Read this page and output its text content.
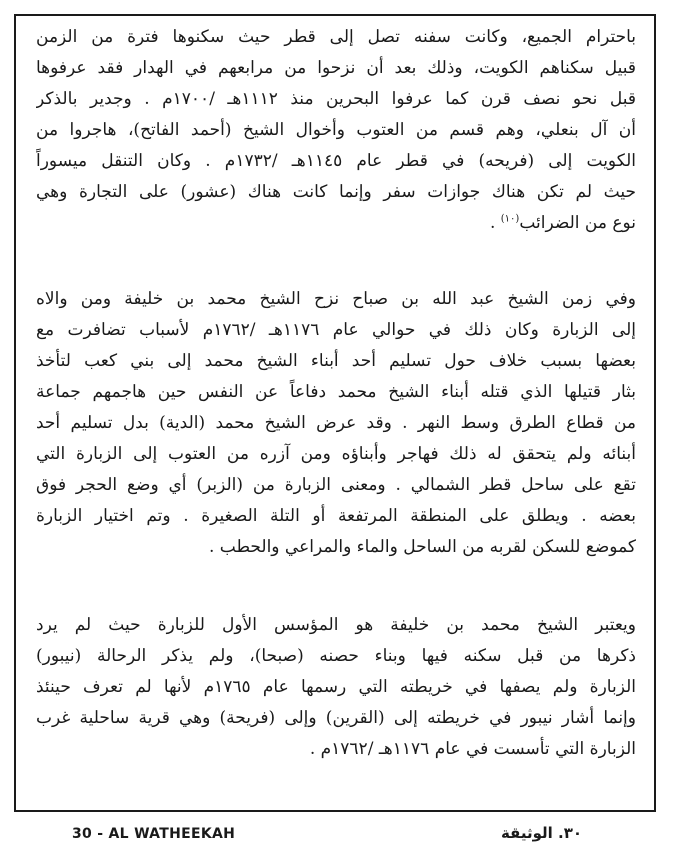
باحترام الجميع، وكانت سفنه تصل إلى قطر حيث سكنوها فترة من الزمن
قبيل سكناهم الكويت، وذلك بعد أن نزحوا من مرابعهم في الهدار فقد عرفوها
قبل نحو نصف قرن كما عرفوا البحرين منذ ١١١٢هـ /١٧٠٠م . وجدير بالذكر
أن آل بنعلي، وهم قسم من العتوب وأخوال الشيخ (أحمد الفاتح)، هاجروا من
الكويت إلى (فريحه) في قطر عام ١١٤٥هـ /١٧٣٢م . وكان التنقل ميسوراً
حيث لم تكن هناك جوازات سفر وإنما كانت هناك (عشور) على التجارة وهي
نوع من الضرائب$^{(١٠)}$ .
وفي زمن الشيخ عبد الله بن صباح نزح الشيخ محمد بن خليفة ومن والاه
إلى الزبارة وكان ذلك في حوالي عام ١١٧٦هـ /١٧٦٢م لأسباب تضافرت مع
بعضها بسبب خلاف حول تسليم أحد أبناء الشيخ محمد إلى بني كعب لتأخذ
بثار قتيلها الذي قتله أبناء الشيخ محمد دفاعاً عن النفس حين هاجمهم جماعة
من قطاع الطرق وسط النهر . وقد عرض الشيخ محمد (الدية) بدل تسليم أحد
أبنائه ولم يتحقق له ذلك فهاجر وأبناؤه ومن آزره من العتوب إلى الزبارة التي
تقع على ساحل قطر الشمالي . ومعنى الزبارة من (الزبر) أي وضع الحجر فوق
بعضه . ويطلق على المنطقة المرتفعة أو التلة الصغيرة . وتم اختيار الزبارة
كموضع للسكن لقربه من الساحل والماء والمراعي والحطب .
ويعتبر الشيخ محمد بن خليفة هو المؤسس الأول للزبارة حيث لم يرد
ذكرها من قبل سكنه فيها وبناء حصنه (صبحا)، ولم يذكر الرحالة (نيبور)
الزبارة ولم يصفها في خريطته التي رسمها عام ١٧٦٥م لأنها لم تعرف حينئذ
وإنما أشار نيبور في خريطته إلى (القرين) وإلى (فريحة) وهي قرية ساحلية غرب
الزبارة التي تأسست في عام ١١٧٦هـ /١٧٦٢م .
30 - AL WATHEEKAH	٣٠. الوثيقة
